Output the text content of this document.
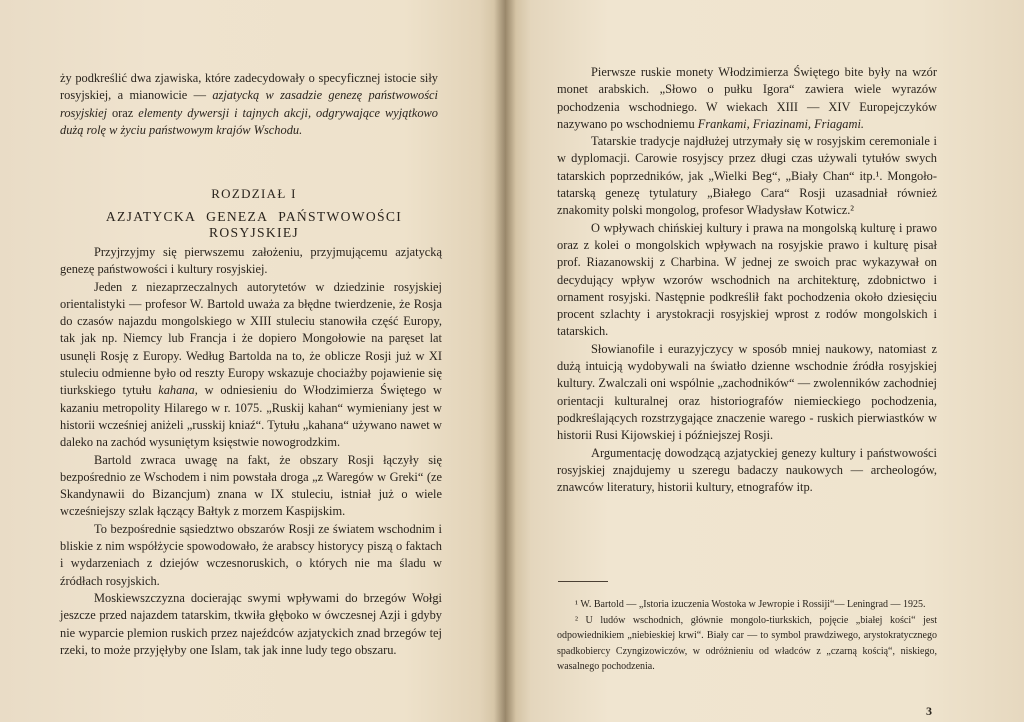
ży podkreślić dwa zjawiska, które zadecydowały o specyficznej istocie siły rosyjskiej, a mianowicie — azjatycką w zasadzie genezę państwowości rosyjskiej oraz elementy dywersji i tajnych akcji, odgrywające wyjątkowo dużą rolę w życiu państwowym krajów Wschodu.

ROZDZIAŁ I
AZJATYCKA GENEZA PAŃSTWOWOŚCI ROSYJSKIEJ

Przyjrzyjmy się pierwszemu założeniu, przyjmującemu azjatycką genezę państwowości i kultury rosyjskiej.

Jeden z niezaprzeczalnych autorytetów w dziedzinie rosyjskiej orientalistyki — profesor W. Bartold uważa za błędne twierdzenie, że Rosja do czasów najazdu mongolskiego w XIII stuleciu stanowiła część Europy, tak jak np. Niemcy lub Francja i że dopiero Mongołowie na paręset lat usunęli Rosję z Europy. Według Bartolda na to, że oblicze Rosji już w XI stuleciu odmienne było od reszty Europy wskazuje chociażby pojawienie się tiurkskiego tytułu kahana, w odniesieniu do Włodzimierza Świętego w kazaniu metropolity Hilarego w r. 1075. „Ruskij kahan“ wymieniany jest w historii wcześniej aniżeli „russkij kniaź“. Tytułu „kahana“ używano nawet w daleko na zachód wysuniętym księstwie nowogrodzkim.

Bartold zwraca uwagę na fakt, że obszary Rosji łączyły się bezpośrednio ze Wschodem i nim powstała droga „z Waregów w Greki“ (ze Skandynawii do Bizancjum) znana w IX stuleciu, istniał już o wiele wcześniejszy szlak łączący Bałtyk z morzem Kaspijskim.

To bezpośrednie sąsiedztwo obszarów Rosji ze światem wschodnim i bliskie z nim współżycie spowodowało, że arabscy historycy piszą o faktach i wydarzeniach z dziejów wczesnoruskich, o których nie ma śladu w źródłach rosyjskich.

Moskiewszczyzna docierając swymi wpływami do brzegów Wołgi jeszcze przed najazdem tatarskim, tkwiła głęboko w ówczesnej Azji i gdyby nie wyparcie plemion ruskich przez najeźdców azjatyckich znad brzegów tej rzeki, to może przyjęłyby one Islam, tak jak inne ludy tego obszaru.

Pierwsze ruskie monety Włodzimierza Świętego bite były na wzór monet arabskich. „Słowo o pułku Igora“ zawiera wiele wyrazów pochodzenia wschodniego. W wiekach XIII — XIV Europejczyków nazywano po wschodniemu Frankami, Friazinami, Friagami.

Tatarskie tradycje najdłużej utrzymały się w rosyjskim ceremoniale i w dyplomacji. Carowie rosyjscy przez długi czas używali tytułów swych tatarskich poprzedników, jak „Wielki Beg“, „Biały Chan“ itp.¹. Mongoło-tatarską genezę tytulatury „Białego Cara“ Rosji uzasadniał również znakomity polski mongolog, profesor Władysław Kotwicz.²

O wpływach chińskiej kultury i prawa na mongolską kulturę i prawo oraz z kolei o mongolskich wpływach na rosyjskie prawo i kulturę pisał prof. Riazanowskij z Charbina. W jednej ze swoich prac wykazywał on decydujący wpływ wzorów wschodnich na architekturę, zdobnictwo i ornament rosyjski. Następnie podkreślił fakt pochodzenia około dziesięciu procent szlachty i arystokracji rosyjskiej wprost z rodów mongolskich i tatarskich.

Słowianofile i eurazyjczycy w sposób mniej naukowy, natomiast z dużą intuicją wydobywali na światło dzienne wschodnie źródła rosyjskiej kultury. Zwalczali oni wspólnie „zachodników“ — zwolenników zachodniej orientacji kulturalnej oraz historiografów niemieckiego pochodzenia, podkreślających rozstrzygające znaczenie warego - ruskich pierwiastków w historii Rusi Kijowskiej i późniejszej Rosji.

Argumentację dowodzącą azjatyckiej genezy kultury i państwowości rosyjskiej znajdujemy u szeregu badaczy naukowych — archeologów, znawców literatury, historii kultury, etnografów itp.

¹ W. Bartold — „Istoria izuczenia Wostoka w Jewropie i Rossiji“— Leningrad — 1925.

² U ludów wschodnich, głównie mongolo-tiurkskich, pojęcie „białej kości“ jest odpowiednikiem „niebieskiej krwi“. Biały car — to symbol prawdziwego, arystokratycznego spadkobiercy Czyngizowiczów, w odróżnieniu od władców z „czarną kością“, niskiego, wasalnego pochodzenia.

3
